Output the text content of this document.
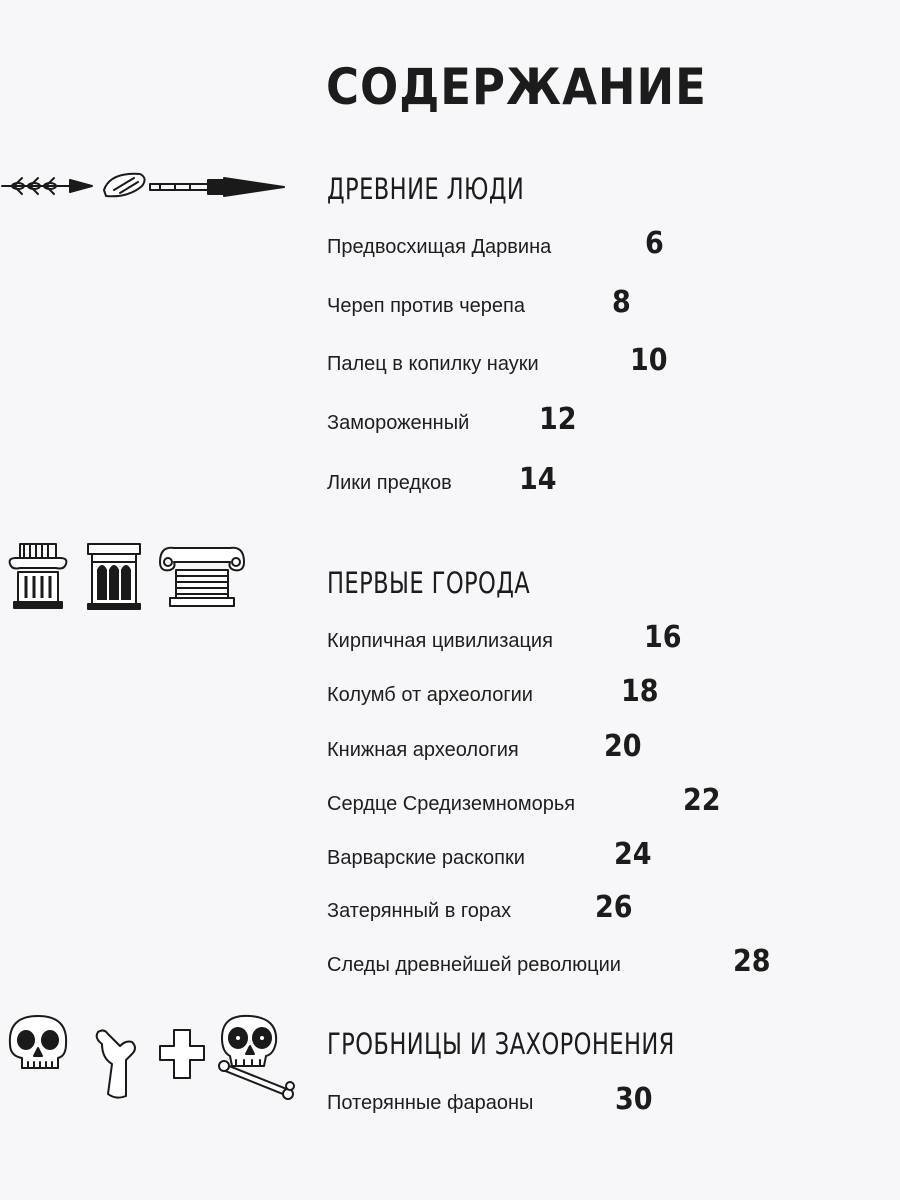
СОДЕРЖАНИЕ
ДРЕВНИЕ ЛЮДИ
Предвосхищая Дарвина	6
Череп против черепа	8
Палец в копилку науки	10
Замороженный 12
Лики предков 14
ПЕРВЫЕ ГОРОДА
Кирпичная цивилизация	16
Колумб от археологии	18
Книжная археология	20
Сердце Средиземноморья	22
Варварские раскопки	24
Затерянный в горах	26
Следы древнейшей революции	28
ГРОБНИЦЫ И ЗАХОРОНЕНИЯ
Потерянные фараоны	30
